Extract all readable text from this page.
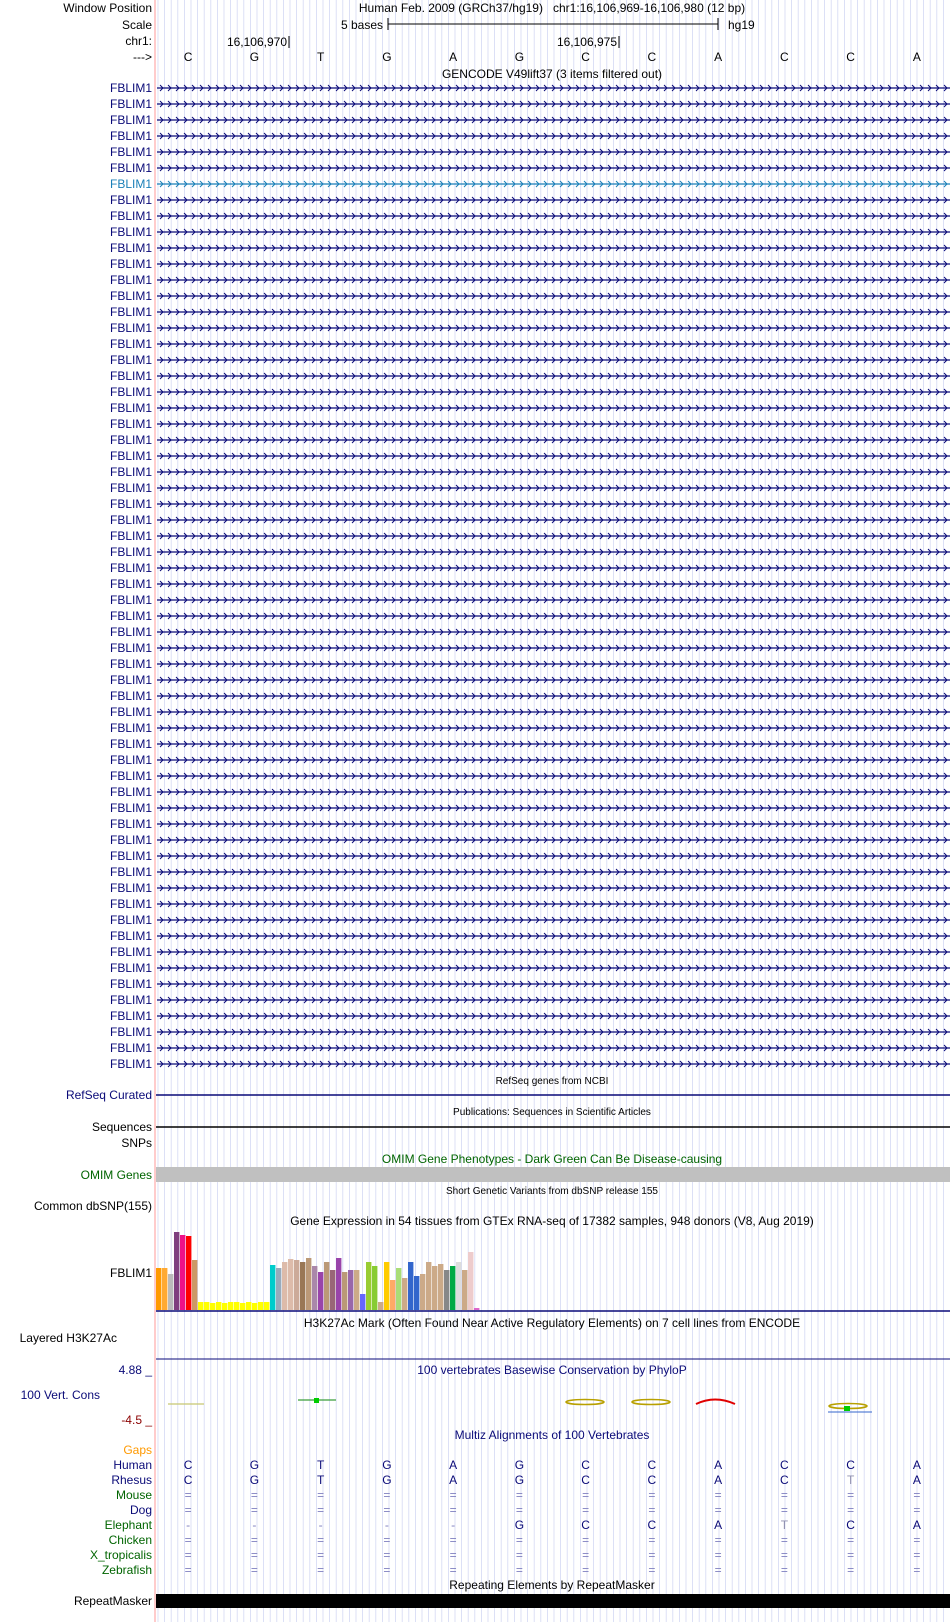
Window Position
Scale
chr1:
--->
Human Feb. 2009 (GRCh37/hg19)   chr1:16,106,969-16,106,980 (12 bp)
5 bases	hg19
16,106,970	16,106,975
C	G	T	G	A	G	C	C	A	C	C	A
GENCODE V49lift37 (3 items filtered out)
FBLIM1
FBLIM1
FBLIM1
FBLIM1
FBLIM1
FBLIM1
FBLIM1
FBLIM1
FBLIM1
FBLIM1
FBLIM1
FBLIM1
FBLIM1
FBLIM1
FBLIM1
FBLIM1
FBLIM1
FBLIM1
FBLIM1
FBLIM1
FBLIM1
FBLIM1
FBLIM1
FBLIM1
FBLIM1
FBLIM1
FBLIM1
FBLIM1
FBLIM1
FBLIM1
FBLIM1
FBLIM1
FBLIM1
FBLIM1
FBLIM1
FBLIM1
FBLIM1
FBLIM1
FBLIM1
FBLIM1
FBLIM1
FBLIM1
FBLIM1
FBLIM1
FBLIM1
FBLIM1
FBLIM1
FBLIM1
FBLIM1
FBLIM1
FBLIM1
FBLIM1
FBLIM1
FBLIM1
FBLIM1
FBLIM1
FBLIM1
FBLIM1
FBLIM1
FBLIM1
FBLIM1
FBLIM1
RefSeq genes from NCBI
RefSeq Curated
Publications: Sequences in Scientific Articles
Sequences
SNPs
OMIM Gene Phenotypes - Dark Green Can Be Disease-causing
OMIM Genes
Short Genetic Variants from dbSNP release 155
Common dbSNP(155)
Gene Expression in 54 tissues from GTEx RNA-seq of 17382 samples, 948 donors (V8, Aug 2019)
FBLIM1
H3K27Ac Mark (Often Found Near Active Regulatory Elements) on 7 cell lines from ENCODE
Layered H3K27Ac
100 vertebrates Basewise Conservation by PhyloP
4.88 _
100 Vert. Cons
-4.5 _
Multiz Alignments of 100 Vertebrates
Gaps
Human	C	G	T	G	A	G	C	C	A	C	C	A
Rhesus	C	G	T	G	A	G	C	C	A	C	T	A
Mouse	=	=	=	=	=	=	=	=	=	=	=	=
Dog	=	=	=	=	=	=	=	=	=	=	=	=
Elephant	-	-	-	-	-	G	C	C	A	T	C	A
Chicken	=	=	=	=	=	=	=	=	=	=	=	=
X_tropicalis	=	=	=	=	=	=	=	=	=	=	=	=
Zebrafish	=	=	=	=	=	=	=	=	=	=	=	=
Repeating Elements by RepeatMasker
RepeatMasker
